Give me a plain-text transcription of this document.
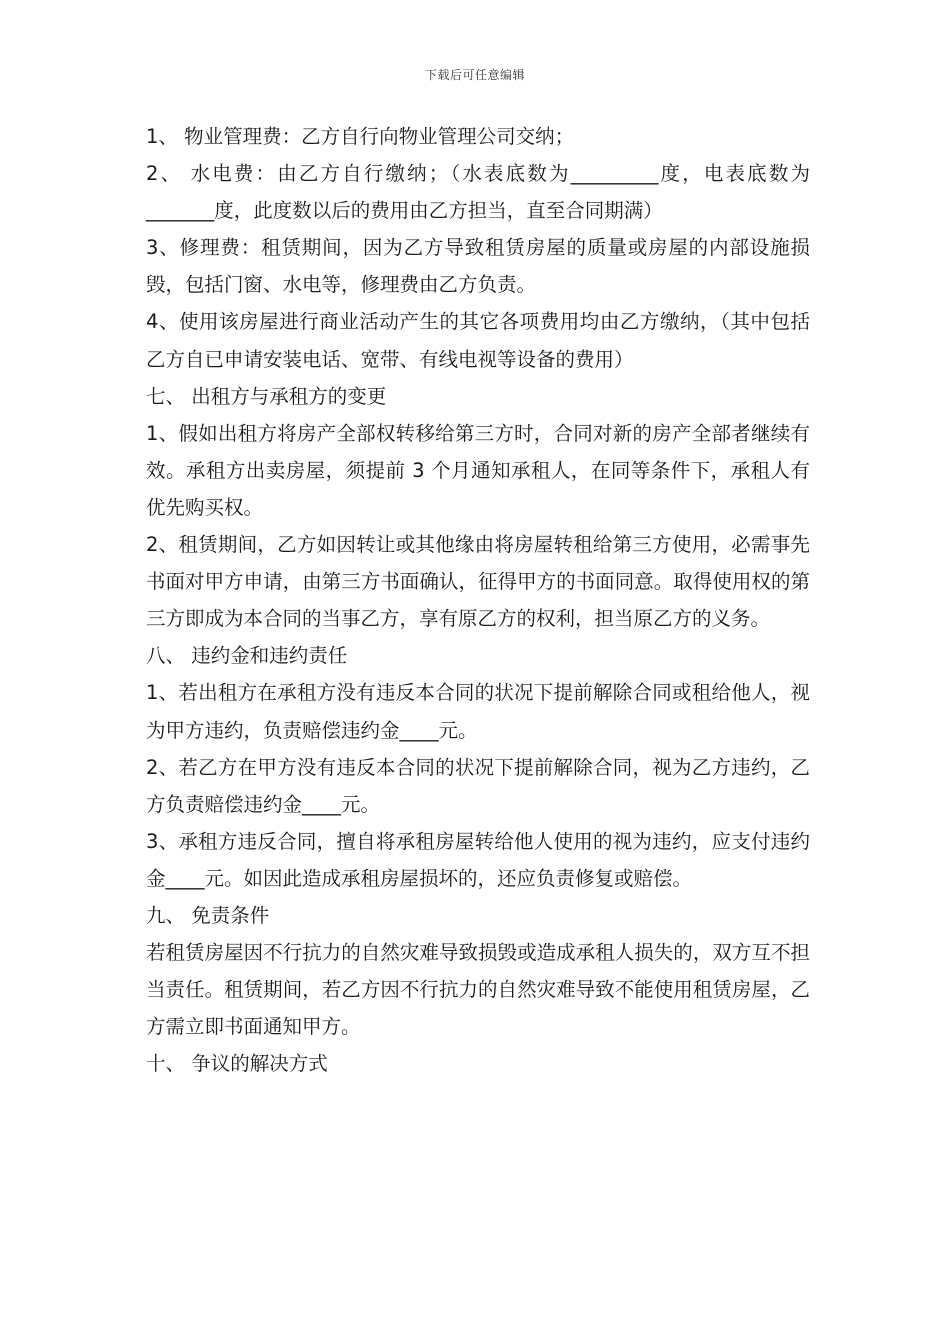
下载后可任意编辑

1、 物业管理费：乙方自行向物业管理公司交纳；

2、 水电费：由乙方自行缴纳；（水表底数为_________度，电表底数为_______度，此度数以后的费用由乙方担当，直至合同期满）

3、修理费：租赁期间，因为乙方导致租赁房屋的质量或房屋的内部设施损毁，包括门窗、水电等，修理费由乙方负责。

4、使用该房屋进行商业活动产生的其它各项费用均由乙方缴纳，（其中包括乙方自已申请安装电话、宽带、有线电视等设备的费用）

七、 出租方与承租方的变更

1、假如出租方将房产全部权转移给第三方时，合同对新的房产全部者继续有效。承租方出卖房屋，须提前 3 个月通知承租人，在同等条件下，承租人有优先购买权。

2、租赁期间，乙方如因转让或其他缘由将房屋转租给第三方使用，必需事先书面对甲方申请，由第三方书面确认，征得甲方的书面同意。取得使用权的第三方即成为本合同的当事乙方，享有原乙方的权利，担当原乙方的义务。

八、 违约金和违约责任

1、若出租方在承租方没有违反本合同的状况下提前解除合同或租给他人，视为甲方违约，负责赔偿违约金____元。

2、若乙方在甲方没有违反本合同的状况下提前解除合同，视为乙方违约，乙方负责赔偿违约金____元。

3、承租方违反合同，擅自将承租房屋转给他人使用的视为违约，应支付违约金____元。如因此造成承租房屋损坏的，还应负责修复或赔偿。

九、 免责条件

若租赁房屋因不行抗力的自然灾难导致损毁或造成承租人损失的，双方互不担当责任。租赁期间，若乙方因不行抗力的自然灾难导致不能使用租赁房屋，乙方需立即书面通知甲方。

十、 争议的解决方式
